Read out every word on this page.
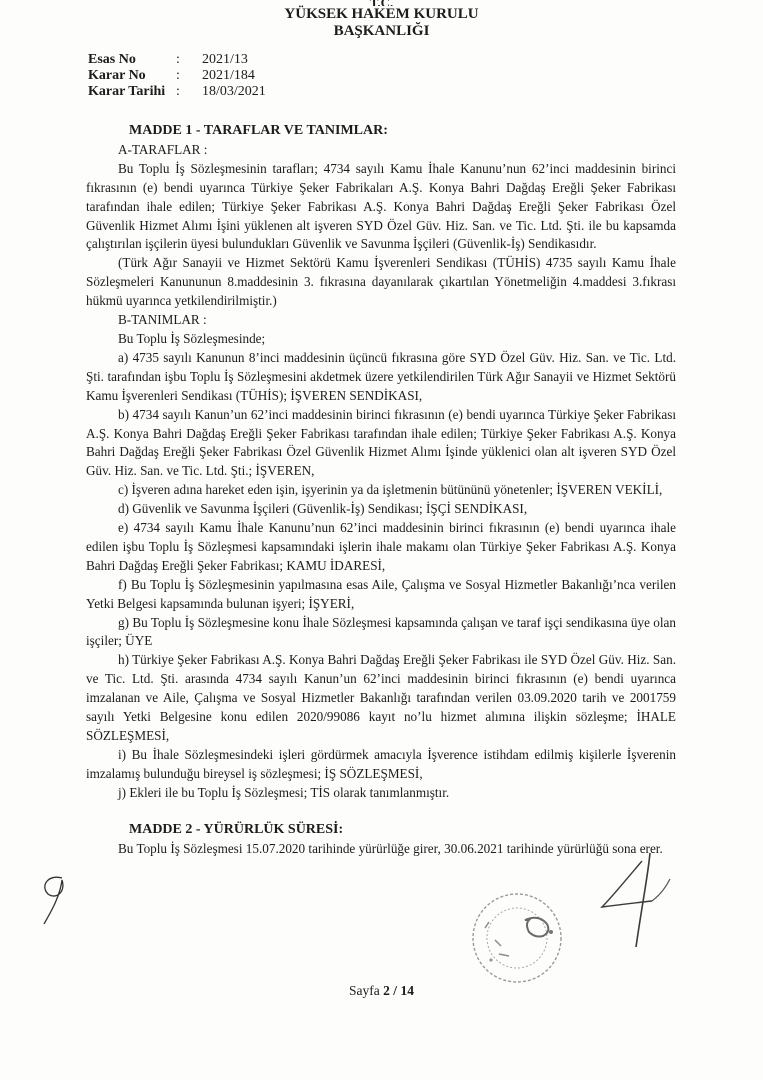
YÜKSEK HAKEM KURULU
BAŞKANLIĞI
Esas No	:	2021/13
Karar No	:	2021/184
Karar Tarihi :	18/03/2021

MADDE 1 - TARAFLAR VE TANIMLAR:

A-TARAFLAR :

Bu Toplu İş Sözleşmesinin tarafları; 4734 sayılı Kamu İhale Kanunu’nun 62’inci maddesinin birinci fıkrasının (e) bendi uyarınca Türkiye Şeker Fabrikaları A.Ş. Konya Bahri Dağdaş Ereğli Şeker Fabrikası tarafından ihale edilen; Türkiye Şeker Fabrikası A.Ş. Konya Bahri Dağdaş Ereğli Şeker Fabrikası Özel Güvenlik Hizmet Alımı İşini yüklenen alt işveren SYD Özel Güv. Hiz. San. ve Tic. Ltd. Şti. ile bu kapsamda çalıştırılan işçilerin üyesi bulundukları Güvenlik ve Savunma İşçileri (Güvenlik-İş) Sendikasıdır.

(Türk Ağır Sanayii ve Hizmet Sektörü Kamu İşverenleri Sendikası (TÜHİS) 4735 sayılı Kamu İhale Sözleşmeleri Kanununun 8.maddesinin 3. fıkrasına dayanılarak çıkartılan Yönetmeliğin 4.maddesi 3.fıkrası hükmü uyarınca yetkilendirilmiştir.)

B-TANIMLAR :

Bu Toplu İş Sözleşmesinde;

a) 4735 sayılı Kanunun 8’inci maddesinin üçüncü fıkrasına göre SYD Özel Güv. Hiz. San. ve Tic. Ltd. Şti. tarafından işbu Toplu İş Sözleşmesini akdetmek üzere yetkilendirilen Türk Ağır Sanayii ve Hizmet Sektörü Kamu İşverenleri Sendikası (TÜHİS); İŞVEREN SENDİKASI,

b) 4734 sayılı Kanun’un 62’inci maddesinin birinci fıkrasının (e) bendi uyarınca Türkiye Şeker Fabrikası A.Ş. Konya Bahri Dağdaş Ereğli Şeker Fabrikası tarafından ihale edilen; Türkiye Şeker Fabrikası A.Ş. Konya Bahri Dağdaş Ereğli Şeker Fabrikası Özel Güvenlik Hizmet Alımı İşinde yüklenici olan alt işveren SYD Özel Güv. Hiz. San. ve Tic. Ltd. Şti.; İŞVEREN,

c) İşveren adına hareket eden işin, işyerinin ya da işletmenin bütününü yönetenler; İŞVEREN VEKİLİ,

d) Güvenlik ve Savunma İşçileri (Güvenlik-İş) Sendikası; İŞÇİ SENDİKASI,

e) 4734 sayılı Kamu İhale Kanunu’nun 62’inci maddesinin birinci fıkrasının (e) bendi uyarınca ihale edilen işbu Toplu İş Sözleşmesi kapsamındaki işlerin ihale makamı olan Türkiye Şeker Fabrikası A.Ş. Konya Bahri Dağdaş Ereğli Şeker Fabrikası; KAMU İDARESİ,

f) Bu Toplu İş Sözleşmesinin yapılmasına esas Aile, Çalışma ve Sosyal Hizmetler Bakanlığı’nca verilen Yetki Belgesi kapsamında bulunan işyeri; İŞYERİ,

g) Bu Toplu İş Sözleşmesine konu İhale Sözleşmesi kapsamında çalışan ve taraf işçi sendikasına üye olan işçiler; ÜYE

h) Türkiye Şeker Fabrikası A.Ş. Konya Bahri Dağdaş Ereğli Şeker Fabrikası ile SYD Özel Güv. Hiz. San. ve Tic. Ltd. Şti. arasında 4734 sayılı Kanun’un 62’inci maddesinin birinci fıkrasının (e) bendi uyarınca imzalanan ve Aile, Çalışma ve Sosyal Hizmetler Bakanlığı tarafından verilen 03.09.2020 tarih ve 2001759 sayılı Yetki Belgesine konu edilen 2020/99086 kayıt no’lu hizmet alımına ilişkin sözleşme; İHALE SÖZLEŞMESİ,

i) Bu İhale Sözleşmesindeki işleri gördürmek amacıyla İşverence istihdam edilmiş kişilerle İşverenin imzalamış bulunduğu bireysel iş sözleşmesi; İŞ SÖZLEŞMESİ,

j) Ekleri ile bu Toplu İş Sözleşmesi; TİS olarak tanımlanmıştır.

MADDE 2 - YÜRÜRLÜK SÜRESİ:

Bu Toplu İş Sözleşmesi 15.07.2020 tarihinde yürürlüğe girer, 30.06.2021 tarihinde yürürlüğü sona erer.

Sayfa 2 / 14
